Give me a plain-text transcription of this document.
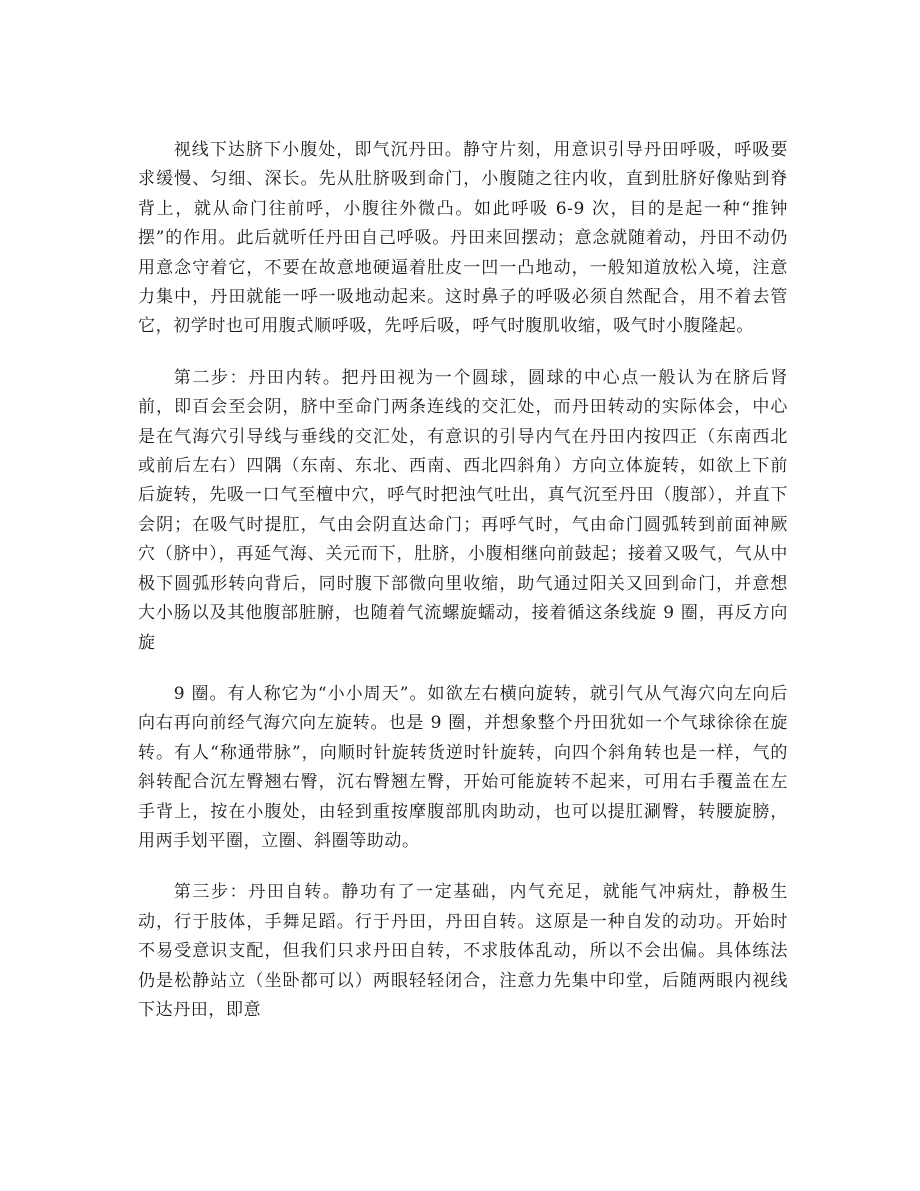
视线下达脐下小腹处，即气沉丹田。静守片刻，用意识引导丹田呼吸，呼吸要求缓慢、匀细、深长。先从肚脐吸到命门，小腹随之往内收，直到肚脐好像贴到脊背上，就从命门往前呼，小腹往外微凸。如此呼吸 6-9 次，目的是起一种“推钟摆”的作用。此后就听任丹田自己呼吸。丹田来回摆动；意念就随着动，丹田不动仍用意念守着它，不要在故意地硬逼着肚皮一凹一凸地动，一般知道放松入境，注意力集中，丹田就能一呼一吸地动起来。这时鼻子的呼吸必须自然配合，用不着去管它，初学时也可用腹式顺呼吸，先呼后吸，呼气时腹肌收缩，吸气时小腹隆起。

第二步：丹田内转。把丹田视为一个圆球，圆球的中心点一般认为在脐后肾前，即百会至会阴，脐中至命门两条连线的交汇处，而丹田转动的实际体会，中心是在气海穴引导线与垂线的交汇处，有意识的引导内气在丹田内按四正（东南西北或前后左右）四隅（东南、东北、西南、西北四斜角）方向立体旋转，如欲上下前后旋转，先吸一口气至檀中穴，呼气时把浊气吐出，真气沉至丹田（腹部），并直下会阴；在吸气时提肛，气由会阴直达命门；再呼气时，气由命门圆弧转到前面神厥穴（脐中），再延气海、关元而下，肚脐，小腹相继向前鼓起；接着又吸气，气从中极下圆弧形转向背后，同时腹下部微向里收缩，助气通过阳关又回到命门，并意想大小肠以及其他腹部脏腑，也随着气流螺旋蠕动，接着循这条线旋 9 圈，再反方向旋

9 圈。有人称它为“小小周天”。如欲左右横向旋转，就引气从气海穴向左向后向右再向前经气海穴向左旋转。也是 9 圈，并想象整个丹田犹如一个气球徐徐在旋转。有人“称通带脉”，向顺时针旋转货逆时针旋转，向四个斜角转也是一样，气的斜转配合沉左臀翘右臀，沉右臀翘左臀，开始可能旋转不起来，可用右手覆盖在左手背上，按在小腹处，由轻到重按摩腹部肌肉助动，也可以提肛涮臀，转腰旋膀，用两手划平圈，立圈、斜圈等助动。

第三步：丹田自转。静功有了一定基础，内气充足，就能气冲病灶，静极生动，行于肢体，手舞足蹈。行于丹田，丹田自转。这原是一种自发的动功。开始时不易受意识支配，但我们只求丹田自转，不求肢体乱动，所以不会出偏。具体练法仍是松静站立（坐卧都可以）两眼轻轻闭合，注意力先集中印堂，后随两眼内视线下达丹田，即意
